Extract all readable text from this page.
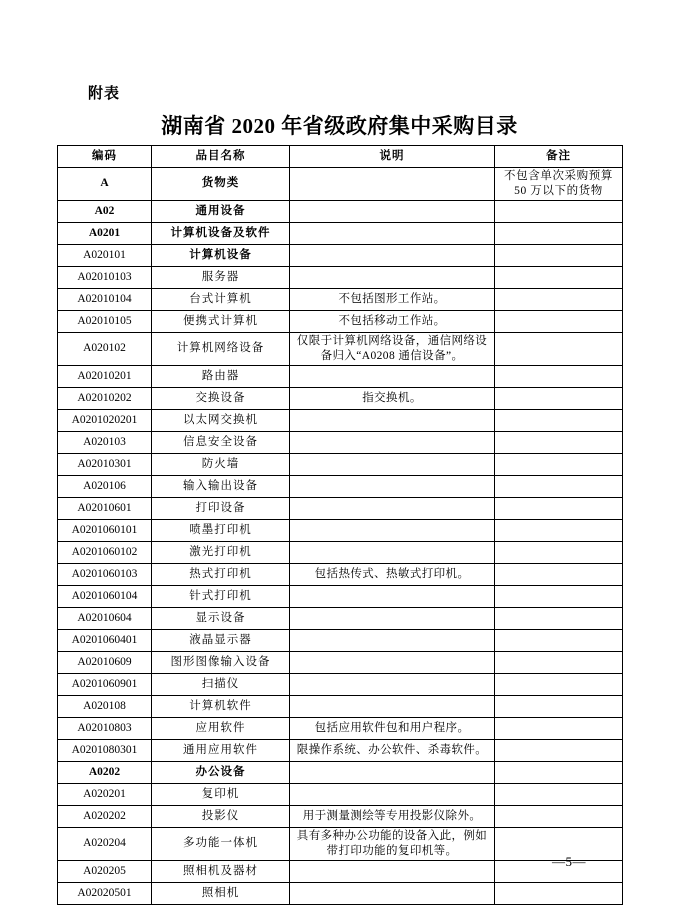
附表
湖南省 2020 年省级政府集中采购目录
编码	品目名称	说明	备注
A	货物类		不包含单次采购预算 50 万以下的货物
A02	通用设备		
A0201	计算机设备及软件		
A020101	计算机设备		
A02010103	服务器		
A02010104	台式计算机	不包括图形工作站。	
A02010105	便携式计算机	不包括移动工作站。	
A020102	计算机网络设备	仅限于计算机网络设备，通信网络设备归入“A0208 通信设备”。	
A02010201	路由器		
A02010202	交换设备	指交换机。	
A0201020201	以太网交换机		
A020103	信息安全设备		
A02010301	防火墙		
A020106	输入输出设备		
A02010601	打印设备		
A0201060101	喷墨打印机		
A0201060102	激光打印机		
A0201060103	热式打印机	包括热传式、热敏式打印机。	
A0201060104	针式打印机		
A02010604	显示设备		
A0201060401	液晶显示器		
A02010609	图形图像输入设备		
A0201060901	扫描仪		
A020108	计算机软件		
A02010803	应用软件	包括应用软件包和用户程序。	
A0201080301	通用应用软件	限操作系统、办公软件、杀毒软件。	
A0202	办公设备		
A020201	复印机		
A020202	投影仪	用于测量测绘等专用投影仪除外。	
A020204	多功能一体机	具有多种办公功能的设备入此，例如带打印功能的复印机等。	
A020205	照相机及器材		
A02020501	照相机		
—5—
